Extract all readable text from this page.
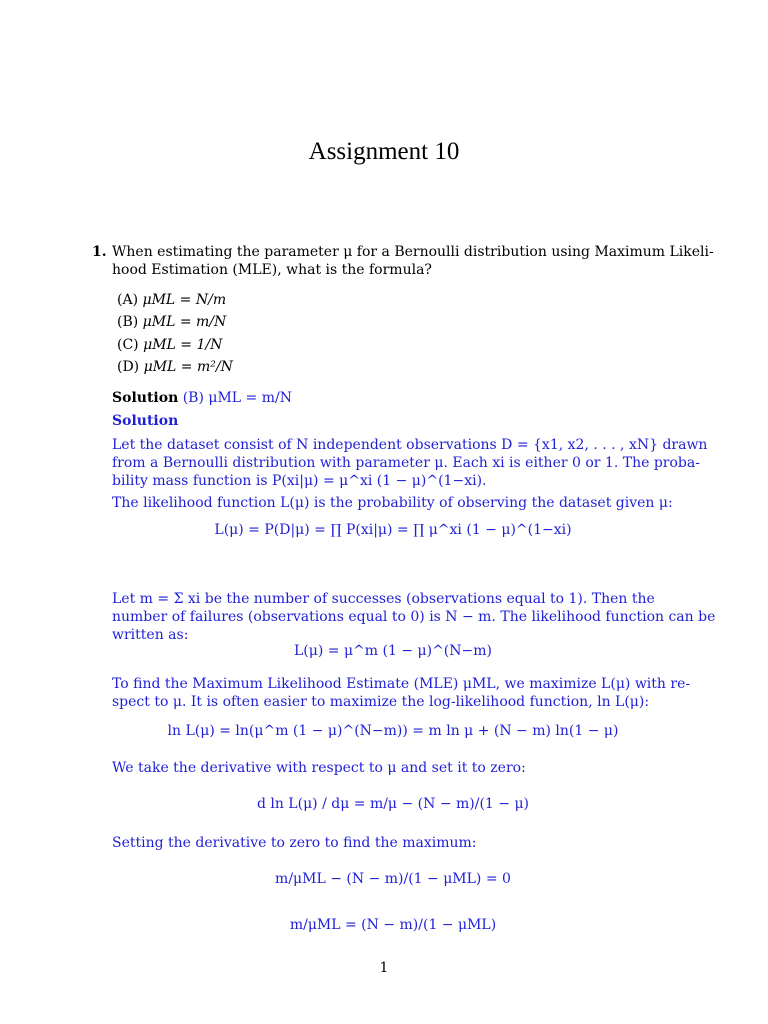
Assignment 10
1. When estimating the parameter μ for a Bernoulli distribution using Maximum Likeli-
hood Estimation (MLE), what is the formula?
(A) μML = N/m
(B) μML = m/N
(C) μML = 1/N
(D) μML = m²/N
Solution (B) μML = m/N
Solution
Let the dataset consist of N independent observations D = {x1, x2, . . . , xN} drawn
from a Bernoulli distribution with parameter μ. Each xi is either 0 or 1. The proba-
bility mass function is P(xi|μ) = μ^xi (1 − μ)^(1−xi).
The likelihood function L(μ) is the probability of observing the dataset given μ:
L(μ) = P(D|μ) = ∏ P(xi|μ) = ∏ μ^xi (1 − μ)^(1−xi)
Let m = Σ xi be the number of successes (observations equal to 1). Then the
number of failures (observations equal to 0) is N − m. The likelihood function can be
written as:
L(μ) = μ^m (1 − μ)^(N−m)
To find the Maximum Likelihood Estimate (MLE) μML, we maximize L(μ) with re-
spect to μ. It is often easier to maximize the log-likelihood function, ln L(μ):
ln L(μ) = ln(μ^m (1 − μ)^(N−m)) = m ln μ + (N − m) ln(1 − μ)
We take the derivative with respect to μ and set it to zero:
d ln L(μ) / dμ = m/μ − (N − m)/(1 − μ)
Setting the derivative to zero to find the maximum:
m/μML − (N − m)/(1 − μML) = 0
m/μML = (N − m)/(1 − μML)
1
